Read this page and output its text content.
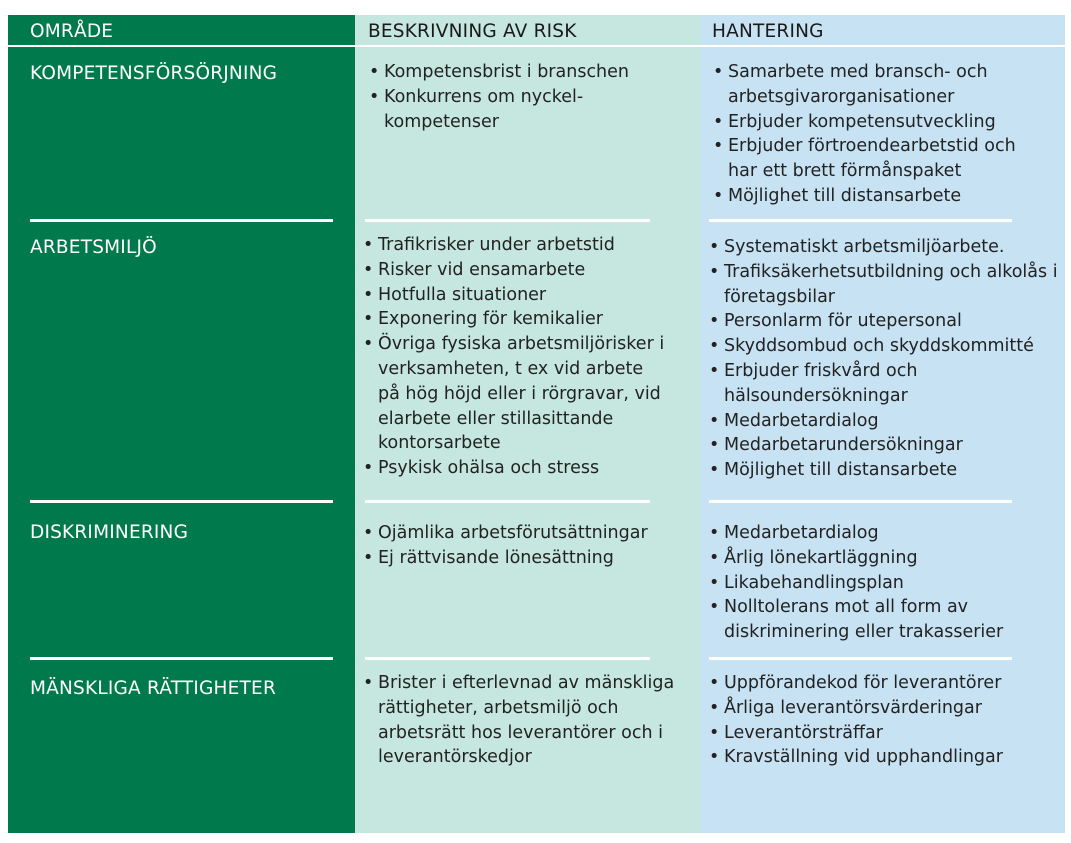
OMRÅDE
KOMPETENSFÖRSÖRJNING
ARBETSMILJÖ
DISKRIMINERING
MÄNSKLIGA RÄTTIGHETER
BESKRIVNING AV RISK
• Kompetensbrist i branschen
• Konkurrens om nyckel-kompetenser
• Trafikrisker under arbetstid
• Risker vid ensamarbete
• Hotfulla situationer
• Exponering för kemikalier
• Övriga fysiska arbetsmiljörisker i verksamheten, t ex vid arbete på hög höjd eller i rörgravar, vid elarbete eller stillasittande kontorsarbete
• Psykisk ohälsa och stress
• Ojämlika arbetsförutsättningar
• Ej rättvisande lönesättning
• Brister i efterlevnad av mänskliga rättigheter, arbetsmiljö och arbetsrätt hos leverantörer och i leverantörskedjor
HANTERING
• Samarbete med bransch- och arbetsgivarorganisationer
• Erbjuder kompetensutveckling
• Erbjuder förtroendearbetstid och har ett brett förmånspaket
• Möjlighet till distansarbete
• Systematiskt arbetsmiljöarbete.
• Trafiksäkerhetsutbildning och alkolås i företagsbilar
• Personlarm för utepersonal
• Skyddsombud och skyddskommitté
• Erbjuder friskvård och hälsoundersökningar
• Medarbetardialog
• Medarbetarundersökningar
• Möjlighet till distansarbete
• Medarbetardialog
• Årlig lönekartläggning
• Likabehandlingsplan
• Nolltolerans mot all form av diskriminering eller trakasserier
• Uppförandekod för leverantörer
• Årliga leverantörsvärderingar
• Leverantörsträffar
• Kravställning vid upphandlingar
